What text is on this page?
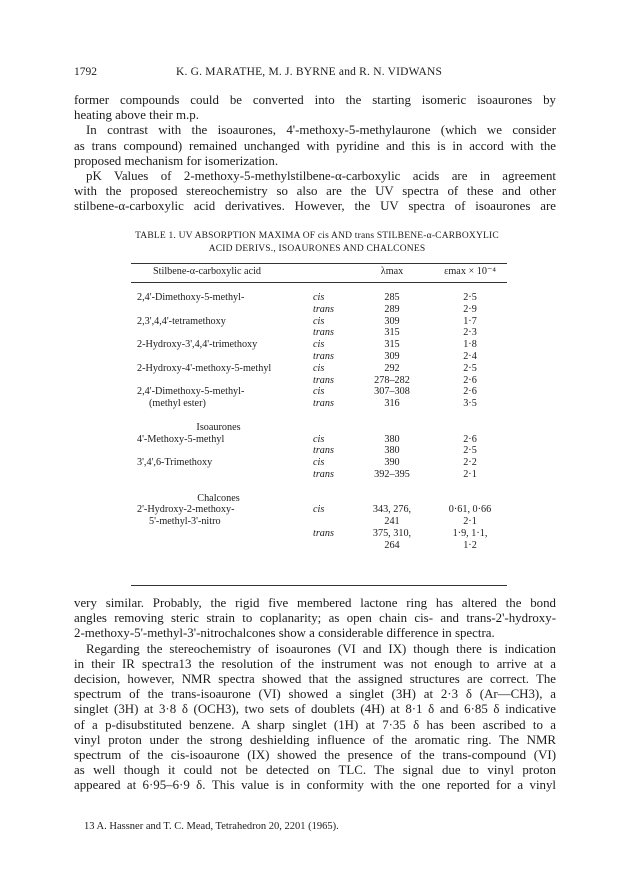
1792	K. G. MARATHE, M. J. BYRNE and R. N. VIDWANS
former compounds could be converted into the starting isomeric isoaurones by
heating above their m.p.
In contrast with the isoaurones, 4'-methoxy-5-methylaurone (which we consider
as trans compound) remained unchanged with pyridine and this is in accord with the
proposed mechanism for isomerization.
pK Values of 2-methoxy-5-methylstilbene-α-carboxylic acids are in agreement
with the proposed stereochemistry so also are the UV spectra of these and other
stilbene-α-carboxylic acid derivatives. However, the UV spectra of isoaurones are
TABLE 1. UV ABSORPTION MAXIMA OF cis AND trans STILBENE-α-CARBOXYLIC
ACID DERIVS., ISOAURONES AND CHALCONES
Stilbene-α-carboxylic acid	λmax	εmax × 10⁻⁴
2,4'-Dimethoxy-5-methyl-	cis	285	2·5
trans	289	2·9
2,3',4,4'-tetramethoxy	cis	309	1·7
trans	315	2·3
2-Hydroxy-3',4,4'-trimethoxy	cis	315	1·8
trans	309	2·4
2-Hydroxy-4'-methoxy-5-methyl	cis	292	2·5
trans	278–282	2·6
2,4'-Dimethoxy-5-methyl-	cis	307–308	2·6
(methyl ester)	trans	316	3·5
Isoaurones
4'-Methoxy-5-methyl	cis	380	2·6
trans	380	2·5
3',4',6-Trimethoxy	cis	390	2·2
trans	392–395	2·1
Chalcones
2'-Hydroxy-2-methoxy-	cis	343, 276,	0·61, 0·66
5'-methyl-3'-nitro	241	2·1
trans	375, 310,	1·9, 1·1,
264	1·2
very similar. Probably, the rigid five membered lactone ring has altered the bond
angles removing steric strain to coplanarity; as open chain cis- and trans-2'-hydroxy-
2-methoxy-5'-methyl-3'-nitrochalcones show a considerable difference in spectra.
Regarding the stereochemistry of isoaurones (VI and IX) though there is indication
in their IR spectra13 the resolution of the instrument was not enough to arrive at a
decision, however, NMR spectra showed that the assigned structures are correct. The
spectrum of the trans-isoaurone (VI) showed a singlet (3H) at 2·3 δ (Ar—CH3), a
singlet (3H) at 3·8 δ (OCH3), two sets of doublets (4H) at 8·1 δ and 6·85 δ indicative
of a p-disubstituted benzene. A sharp singlet (1H) at 7·35 δ has been ascribed to a
vinyl proton under the strong deshielding influence of the aromatic ring. The NMR
spectrum of the cis-isoaurone (IX) showed the presence of the trans-compound (VI)
as well though it could not be detected on TLC. The signal due to vinyl proton
appeared at 6·95–6·9 δ. This value is in conformity with the one reported for a vinyl
13 A. Hassner and T. C. Mead, Tetrahedron 20, 2201 (1965).
